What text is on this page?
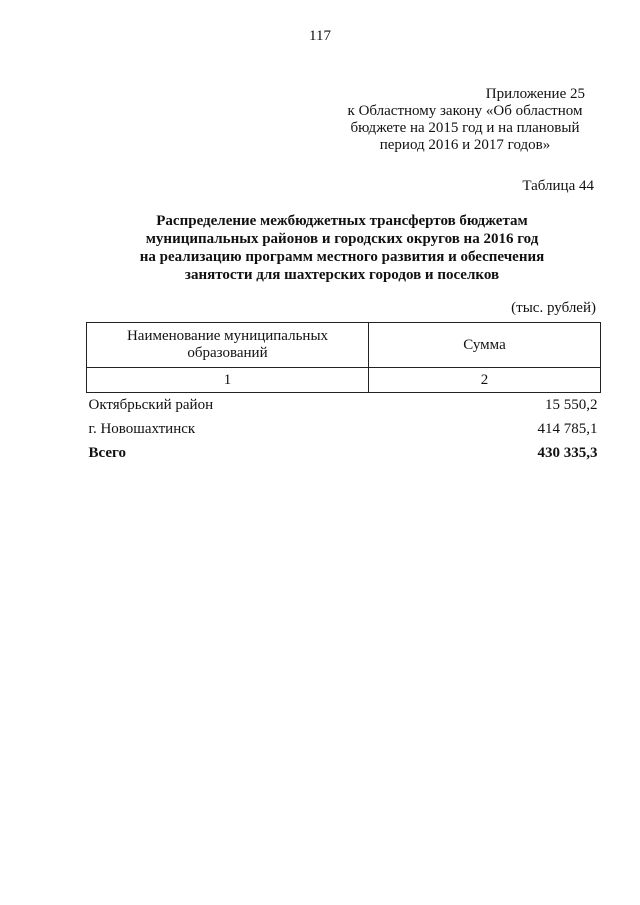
117
Приложение 25
к Областному закону «Об областном
бюджете на 2015 год и на плановый
период 2016 и 2017 годов»
Таблица 44
Распределение межбюджетных трансфертов бюджетам
муниципальных районов и городских округов на 2016 год
на реализацию программ местного развития и обеспечения
занятости для шахтерских городов и поселков
(тыс. рублей)
Наименование муниципальных образований	Сумма
1	2
Октябрьский район	15 550,2
г. Новошахтинск	414 785,1
Всего	430 335,3
